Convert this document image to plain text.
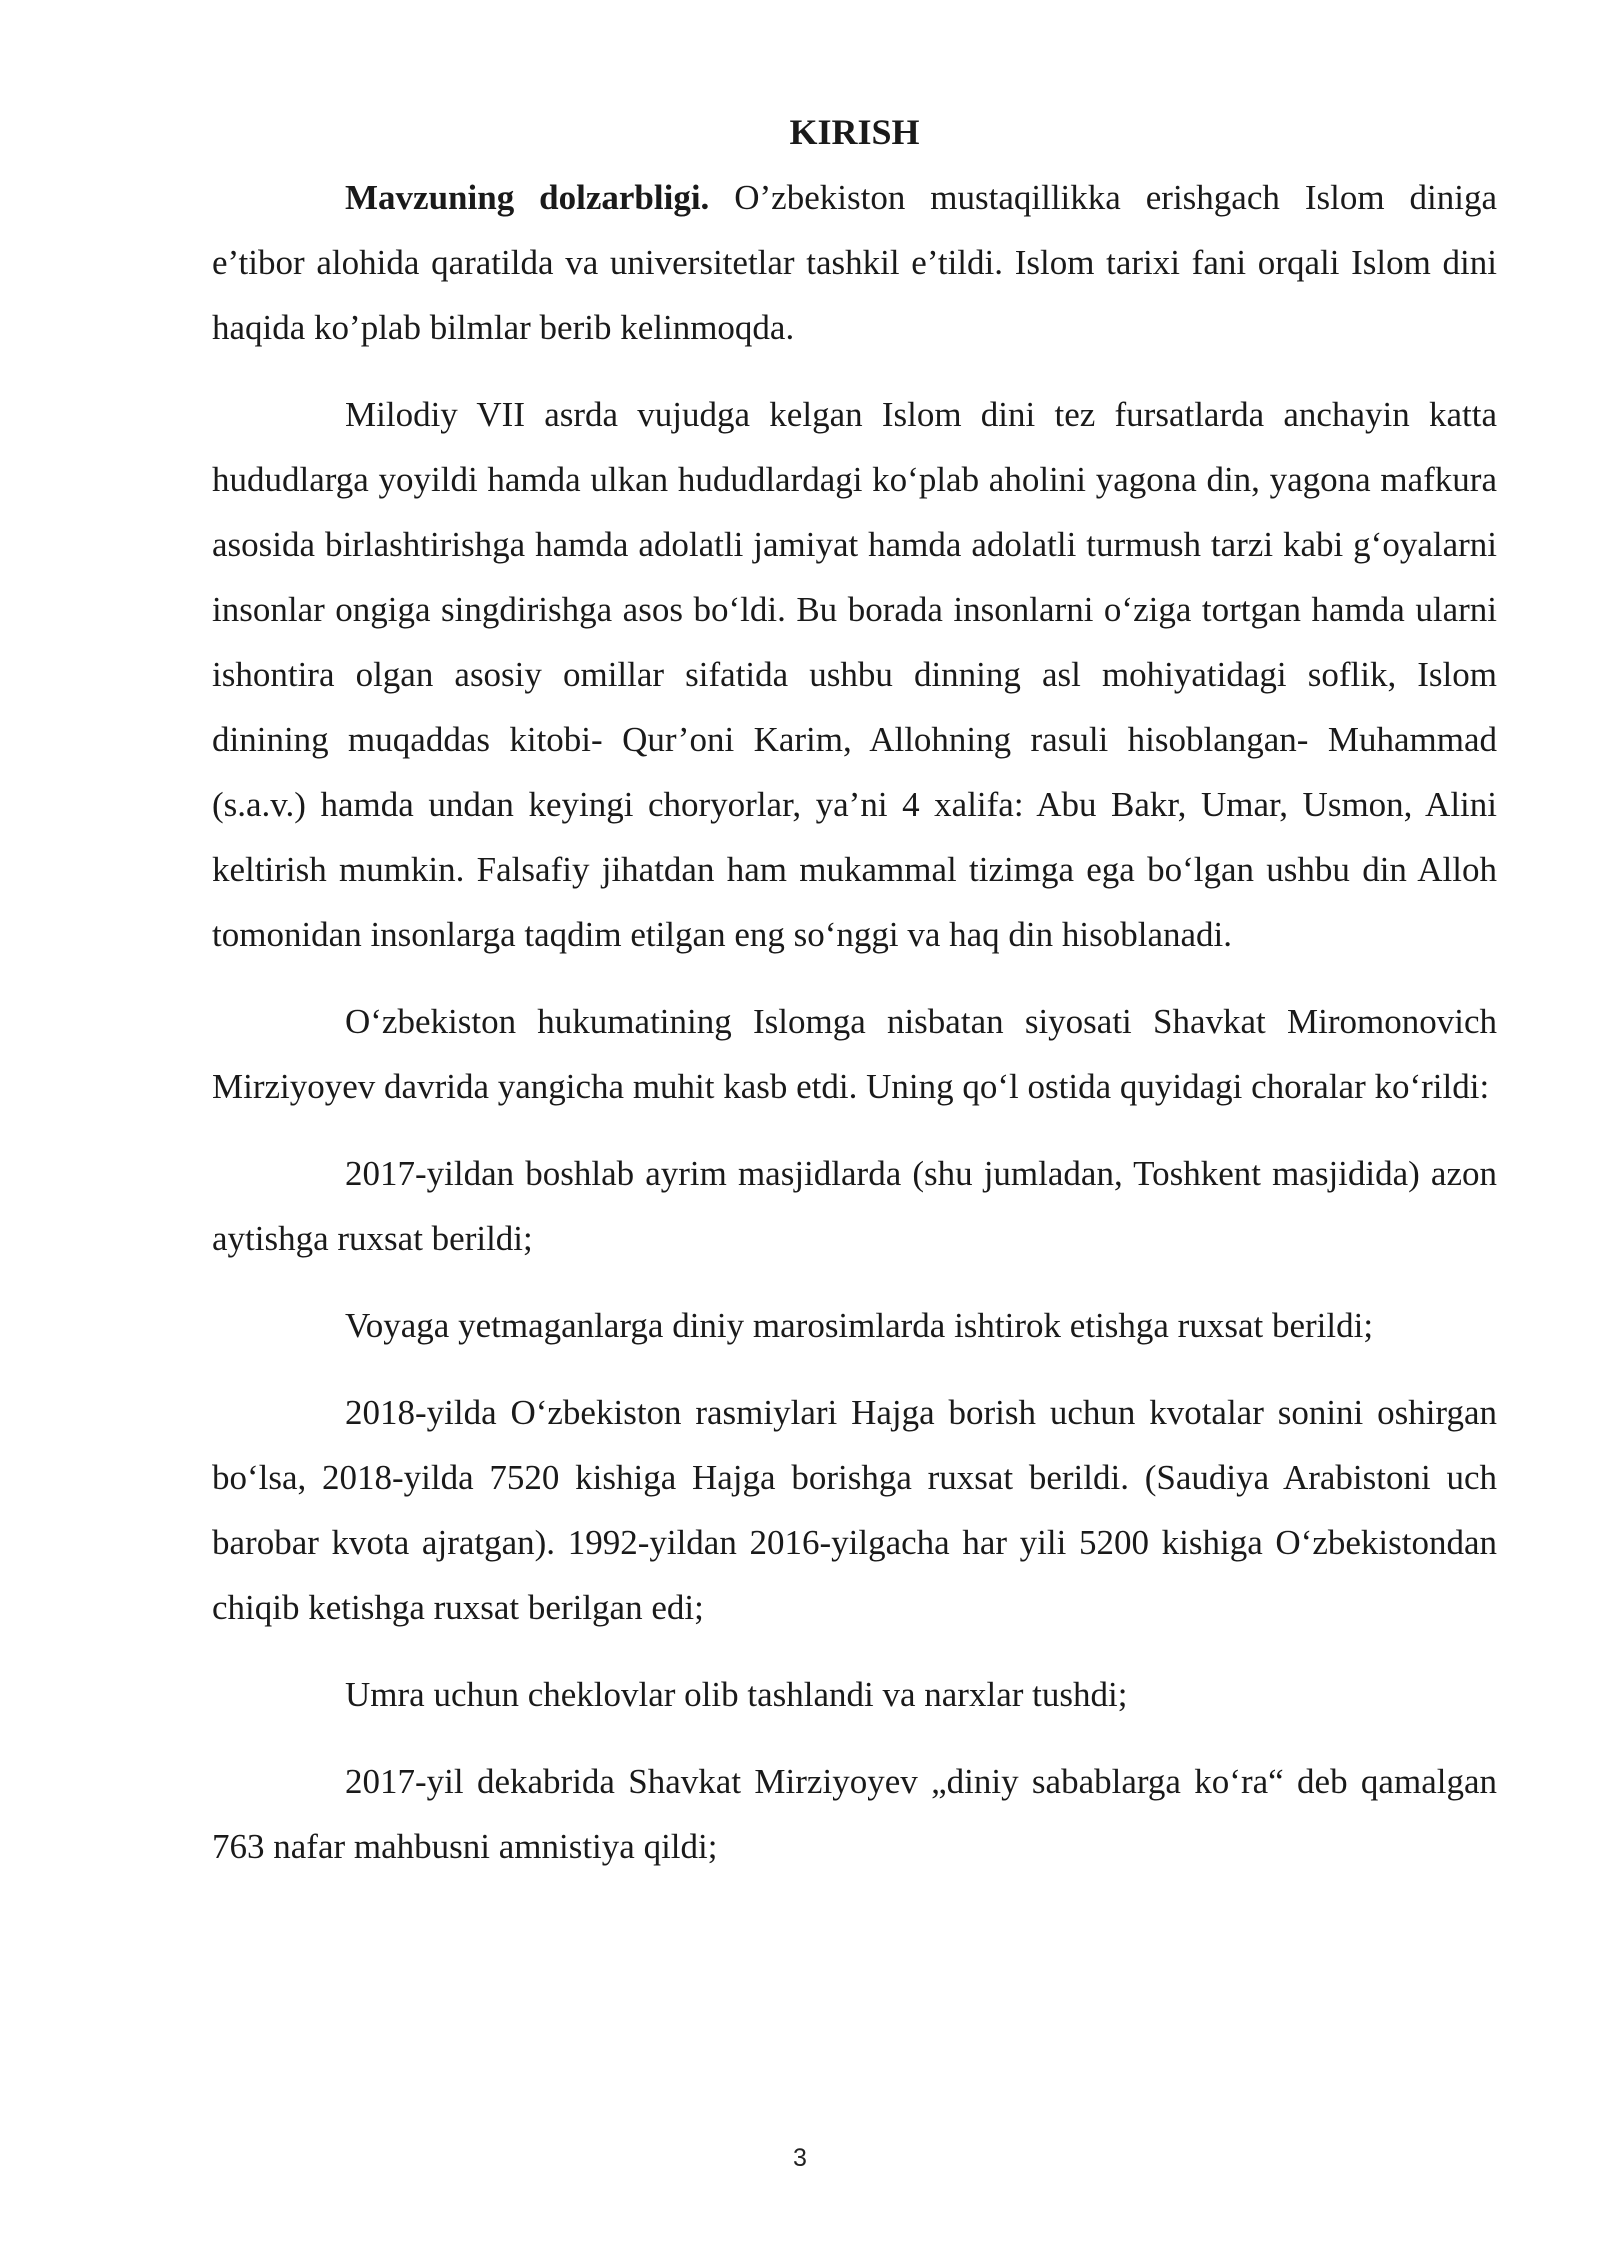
KIRISH

Mavzuning dolzarbligi. O’zbekiston mustaqillikka erishgach Islom diniga e’tibor alohida qaratilda va universitetlar tashkil e’tildi. Islom tarixi fani orqali Islom dini haqida ko’plab bilmlar berib kelinmoqda.

Milodiy VII asrda vujudga kelgan Islom dini tez fursatlarda anchayin katta hududlarga yoyildi hamda ulkan hududlardagi koʻplab aholini yagona din, yagona mafkura asosida birlashtirishga hamda adolatli jamiyat hamda adolatli turmush tarzi kabi gʻoyalarni insonlar ongiga singdirishga asos boʻldi. Bu borada insonlarni oʻziga tortgan hamda ularni ishontira olgan asosiy omillar sifatida ushbu dinning asl mohiyatidagi soflik, Islom dinining muqaddas kitobi- Qur’oni Karim, Allohning rasuli hisoblangan- Muhammad (s.a.v.) hamda undan keyingi choryorlar, ya’ni 4 xalifa: Abu Bakr, Umar, Usmon, Alini keltirish mumkin. Falsafiy jihatdan ham mukammal tizimga ega boʻlgan ushbu din Alloh tomonidan insonlarga taqdim etilgan eng soʻnggi va haq din hisoblanadi.

Oʻzbekiston hukumatining Islomga nisbatan siyosati Shavkat Miromonovich Mirziyoyev davrida yangicha muhit kasb etdi. Uning qoʻl ostida quyidagi choralar koʻrildi:

2017-yildan boshlab ayrim masjidlarda (shu jumladan, Toshkent masjidida) azon aytishga ruxsat berildi;

Voyaga yetmaganlarga diniy marosimlarda ishtirok etishga ruxsat berildi;

2018-yilda Oʻzbekiston rasmiylari Hajga borish uchun kvotalar sonini oshirgan boʻlsa, 2018-yilda 7520 kishiga Hajga borishga ruxsat berildi. (Saudiya Arabistoni uch barobar kvota ajratgan). 1992-yildan 2016-yilgacha har yili 5200 kishiga Oʻzbekistondan chiqib ketishga ruxsat berilgan edi;

Umra uchun cheklovlar olib tashlandi va narxlar tushdi;

2017-yil dekabrida Shavkat Mirziyoyev „diniy sabablarga koʻra“ deb qamalgan 763 nafar mahbusni amnistiya qildi;

3
